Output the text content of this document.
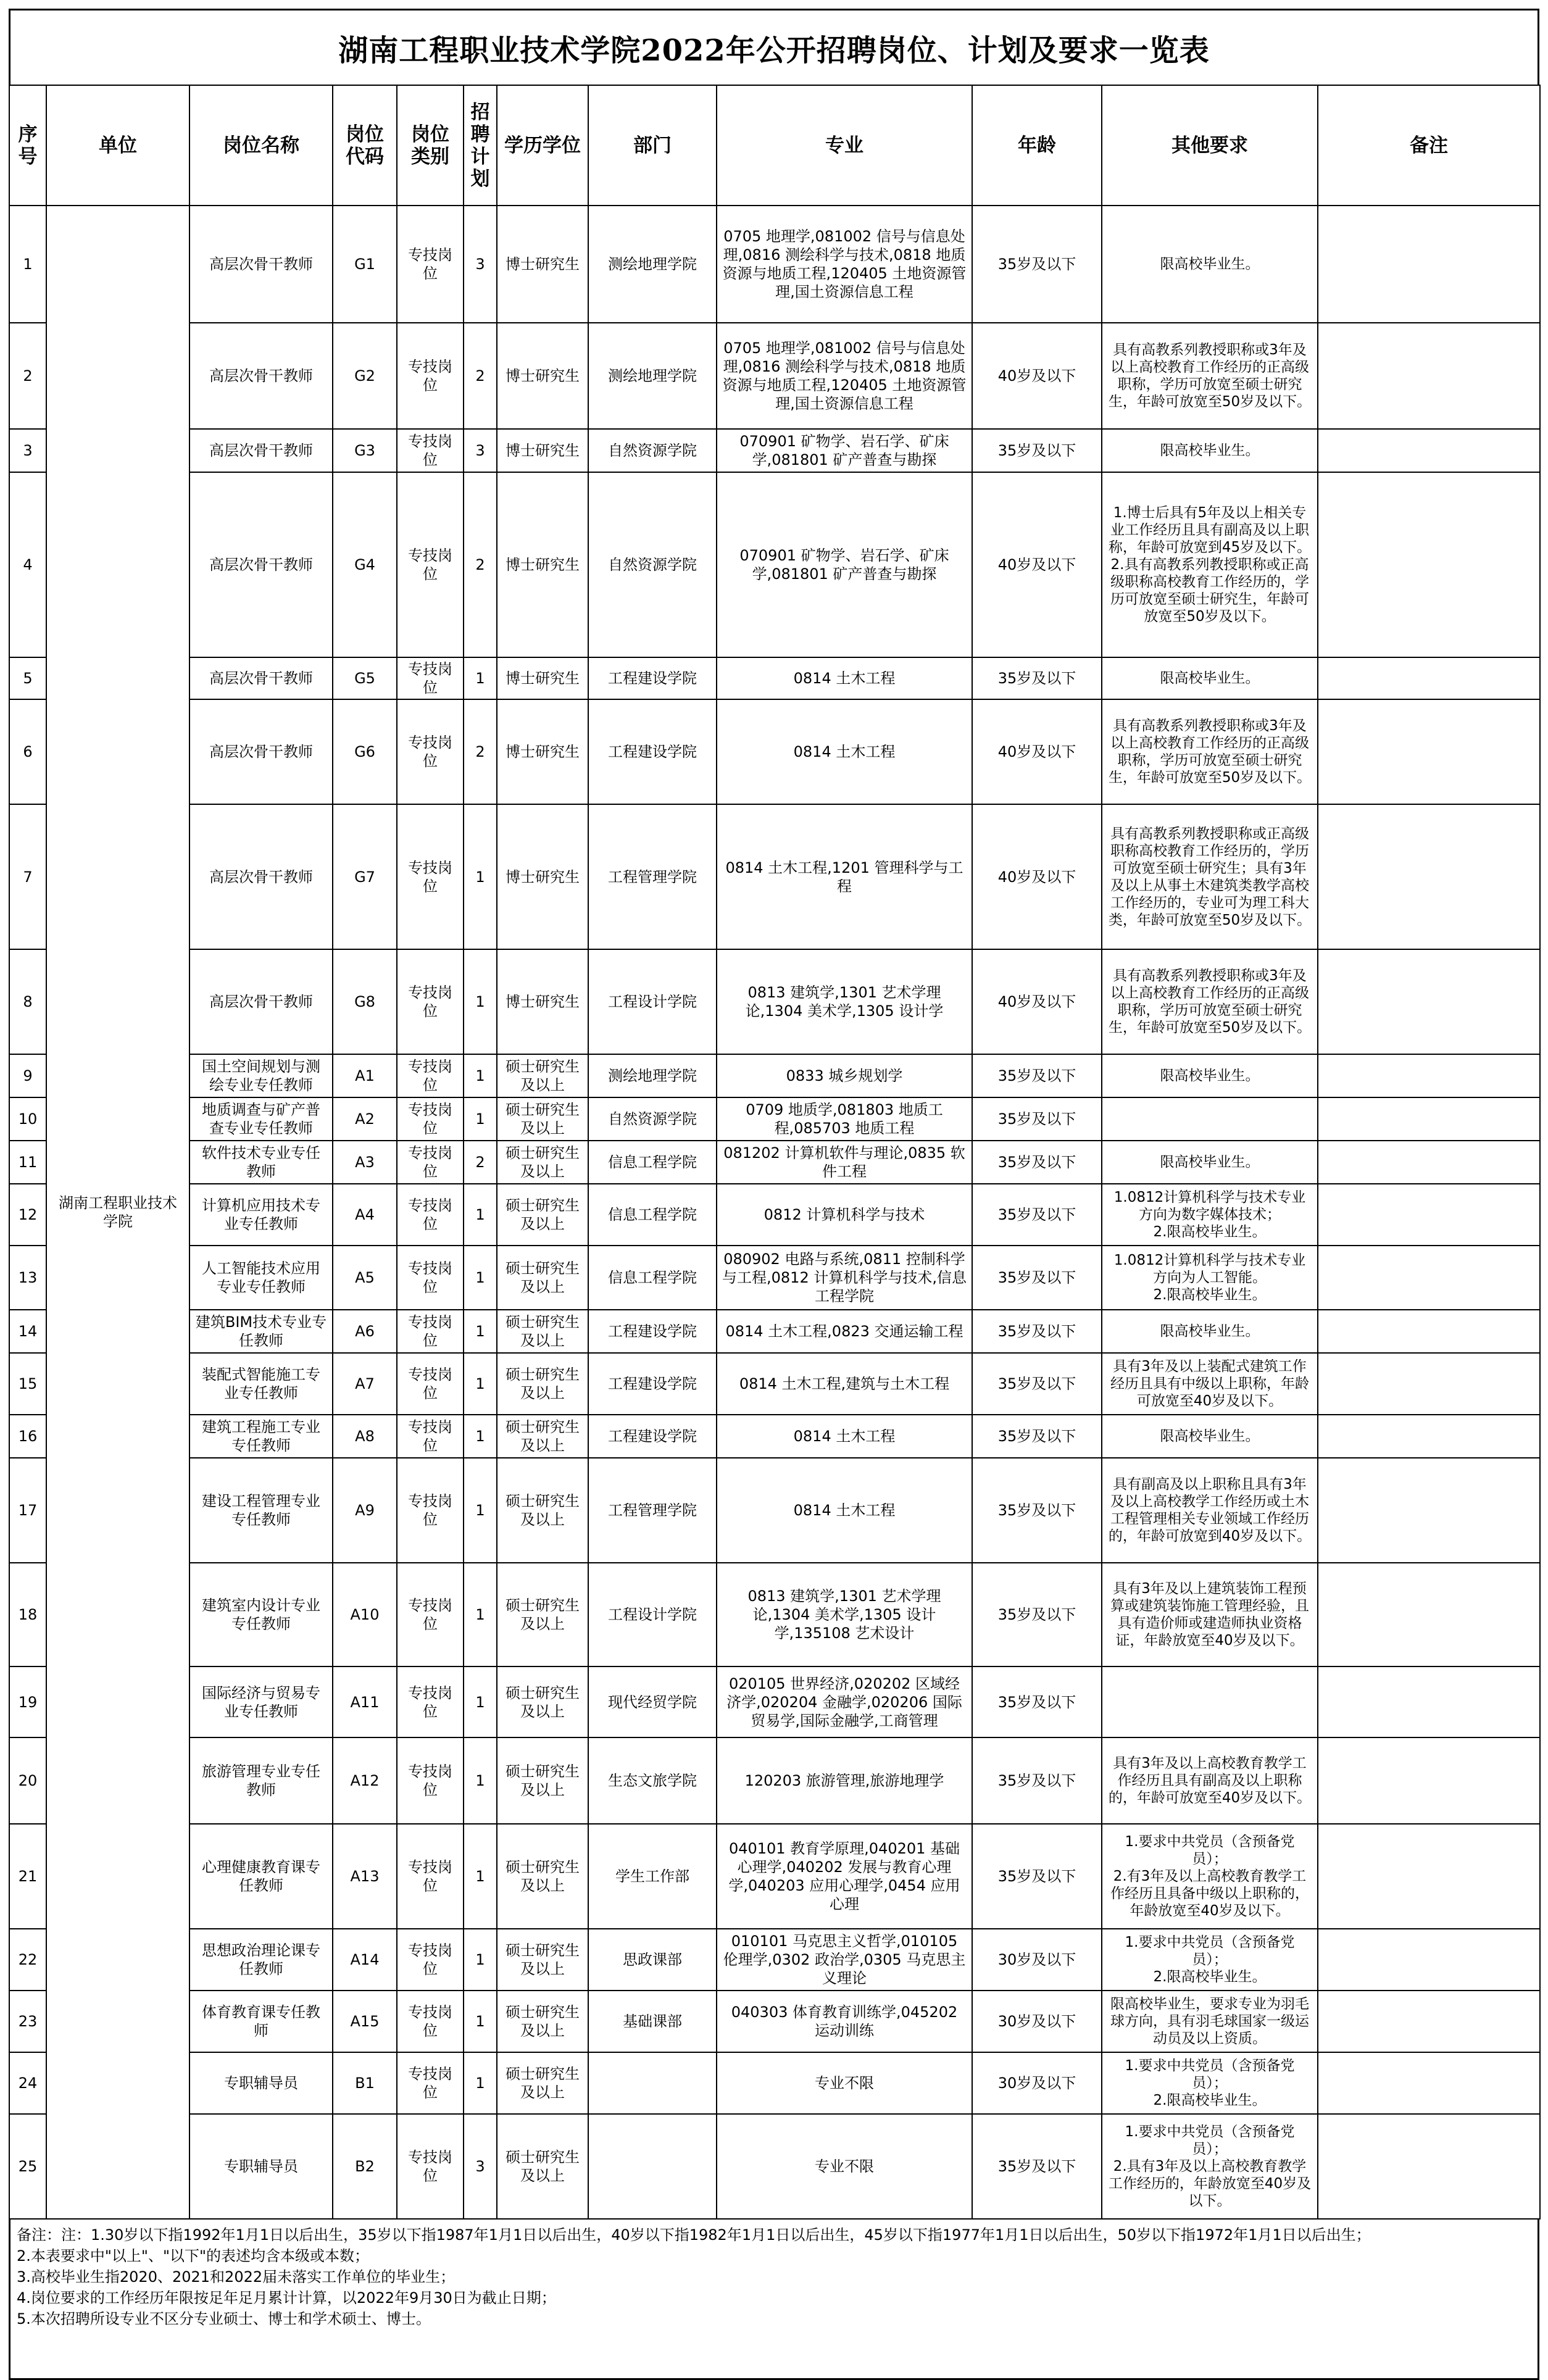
湖南工程职业技术学院2022年公开招聘岗位、计划及要求一览表
序号	单位	岗位名称	岗位代码	岗位类别	招聘计划	学历学位	部门	专业	年龄	其他要求	备注
1	湖南工程职业技术学院	高层次骨干教师	G1	专技岗位	3	博士研究生	测绘地理学院	0705 地理学,081002 信号与信息处理,0816 测绘科学与技术,0818 地质资源与地质工程,120405 土地资源管理,国土资源信息工程	35岁及以下	限高校毕业生。	
2		高层次骨干教师	G2	专技岗位	2	博士研究生	测绘地理学院	0705 地理学,081002 信号与信息处理,0816 测绘科学与技术,0818 地质资源与地质工程,120405 土地资源管理,国土资源信息工程	40岁及以下	具有高教系列教授职称或3年及以上高校教育工作经历的正高级职称，学历可放宽至硕士研究生，年龄可放宽至50岁及以下。	
3		高层次骨干教师	G3	专技岗位	3	博士研究生	自然资源学院	070901 矿物学、岩石学、矿床学,081801 矿产普查与勘探	35岁及以下	限高校毕业生。	
4		高层次骨干教师	G4	专技岗位	2	博士研究生	自然资源学院	070901 矿物学、岩石学、矿床学,081801 矿产普查与勘探	40岁及以下	1.博士后具有5年及以上相关专业工作经历且具有副高及以上职称，年龄可放宽到45岁及以下。
2.具有高教系列教授职称或正高级职称高校教育工作经历的，学历可放宽至硕士研究生，年龄可放宽至50岁及以下。	
5		高层次骨干教师	G5	专技岗位	1	博士研究生	工程建设学院	0814 土木工程	35岁及以下	限高校毕业生。	
6		高层次骨干教师	G6	专技岗位	2	博士研究生	工程建设学院	0814 土木工程	40岁及以下	具有高教系列教授职称或3年及以上高校教育工作经历的正高级职称，学历可放宽至硕士研究生，年龄可放宽至50岁及以下。	
7		高层次骨干教师	G7	专技岗位	1	博士研究生	工程管理学院	0814 土木工程,1201 管理科学与工程	40岁及以下	具有高教系列教授职称或正高级职称高校教育工作经历的，学历可放宽至硕士研究生；具有3年及以上从事土木建筑类教学高校工作经历的，专业可为理工科大类，年龄可放宽至50岁及以下。	
8		高层次骨干教师	G8	专技岗位	1	博士研究生	工程设计学院	0813 建筑学,1301 艺术学理论,1304 美术学,1305 设计学	40岁及以下	具有高教系列教授职称或3年及以上高校教育工作经历的正高级职称，学历可放宽至硕士研究生，年龄可放宽至50岁及以下。	
9		国土空间规划与测绘专业专任教师	A1	专技岗位	1	硕士研究生及以上	测绘地理学院	0833 城乡规划学	35岁及以下	限高校毕业生。	
10		地质调查与矿产普查专业专任教师	A2	专技岗位	1	硕士研究生及以上	自然资源学院	0709 地质学,081803 地质工程,085703 地质工程	35岁及以下		
11		软件技术专业专任教师	A3	专技岗位	2	硕士研究生及以上	信息工程学院	081202 计算机软件与理论,0835 软件工程	35岁及以下	限高校毕业生。	
12		计算机应用技术专业专任教师	A4	专技岗位	1	硕士研究生及以上	信息工程学院	0812 计算机科学与技术	35岁及以下	1.0812计算机科学与技术专业方向为数字媒体技术；
2.限高校毕业生。	
13		人工智能技术应用专业专任教师	A5	专技岗位	1	硕士研究生及以上	信息工程学院	080902 电路与系统,0811 控制科学与工程,0812 计算机科学与技术,信息工程学院	35岁及以下	1.0812计算机科学与技术专业方向为人工智能。
2.限高校毕业生。	
14		建筑BIM技术专业专任教师	A6	专技岗位	1	硕士研究生及以上	工程建设学院	0814 土木工程,0823 交通运输工程	35岁及以下	限高校毕业生。	
15		装配式智能施工专业专任教师	A7	专技岗位	1	硕士研究生及以上	工程建设学院	0814 土木工程,建筑与土木工程	35岁及以下	具有3年及以上装配式建筑工作经历且具有中级以上职称，年龄可放宽至40岁及以下。	
16		建筑工程施工专业专任教师	A8	专技岗位	1	硕士研究生及以上	工程建设学院	0814 土木工程	35岁及以下	限高校毕业生。	
17		建设工程管理专业专任教师	A9	专技岗位	1	硕士研究生及以上	工程管理学院	0814 土木工程	35岁及以下	具有副高及以上职称且具有3年及以上高校教学工作经历或土木工程管理相关专业领域工作经历的，年龄可放宽到40岁及以下。	
18		建筑室内设计专业专任教师	A10	专技岗位	1	硕士研究生及以上	工程设计学院	0813 建筑学,1301 艺术学理论,1304 美术学,1305 设计学,135108 艺术设计	35岁及以下	具有3年及以上建筑装饰工程预算或建筑装饰施工管理经验，且具有造价师或建造师执业资格证，年龄放宽至40岁及以下。	
19		国际经济与贸易专业专任教师	A11	专技岗位	1	硕士研究生及以上	现代经贸学院	020105 世界经济,020202 区域经济学,020204 金融学,020206 国际贸易学,国际金融学,工商管理	35岁及以下		
20		旅游管理专业专任教师	A12	专技岗位	1	硕士研究生及以上	生态文旅学院	120203 旅游管理,旅游地理学	35岁及以下	具有3年及以上高校教育教学工作经历且具有副高及以上职称的，年龄可放宽至40岁及以下。	
21		心理健康教育课专任教师	A13	专技岗位	1	硕士研究生及以上	学生工作部	040101 教育学原理,040201 基础心理学,040202 发展与教育心理学,040203 应用心理学,0454 应用心理	35岁及以下	1.要求中共党员（含预备党员）；
2.有3年及以上高校教育教学工作经历且具备中级以上职称的，年龄放宽至40岁及以下。	
22		思想政治理论课专任教师	A14	专技岗位	1	硕士研究生及以上	思政课部	010101 马克思主义哲学,010105 伦理学,0302 政治学,0305 马克思主义理论	30岁及以下	1.要求中共党员（含预备党员）；
2.限高校毕业生。	
23		体育教育课专任教师	A15	专技岗位	1	硕士研究生及以上	基础课部	040303 体育教育训练学,045202 运动训练	30岁及以下	限高校毕业生，要求专业为羽毛球方向，具有羽毛球国家一级运动员及以上资质。	
24		专职辅导员	B1	专技岗位	1	硕士研究生及以上		专业不限	30岁及以下	1.要求中共党员（含预备党员）；
2.限高校毕业生。	
25		专职辅导员	B2	专技岗位	3	硕士研究生及以上		专业不限	35岁及以下	1.要求中共党员（含预备党员）；
2.具有3年及以上高校教育教学工作经历的，年龄放宽至40岁及以下。	
备注：注：1.30岁以下指1992年1月1日以后出生，35岁以下指1987年1月1日以后出生，40岁以下指1982年1月1日以后出生，45岁以下指1977年1月1日以后出生，50岁以下指1972年1月1日以后出生；
2.本表要求中"以上"、"以下"的表述均含本级或本数；
3.高校毕业生指2020、2021和2022届未落实工作单位的毕业生；
4.岗位要求的工作经历年限按足年足月累计计算，以2022年9月30日为截止日期；
5.本次招聘所设专业不区分专业硕士、博士和学术硕士、博士。
